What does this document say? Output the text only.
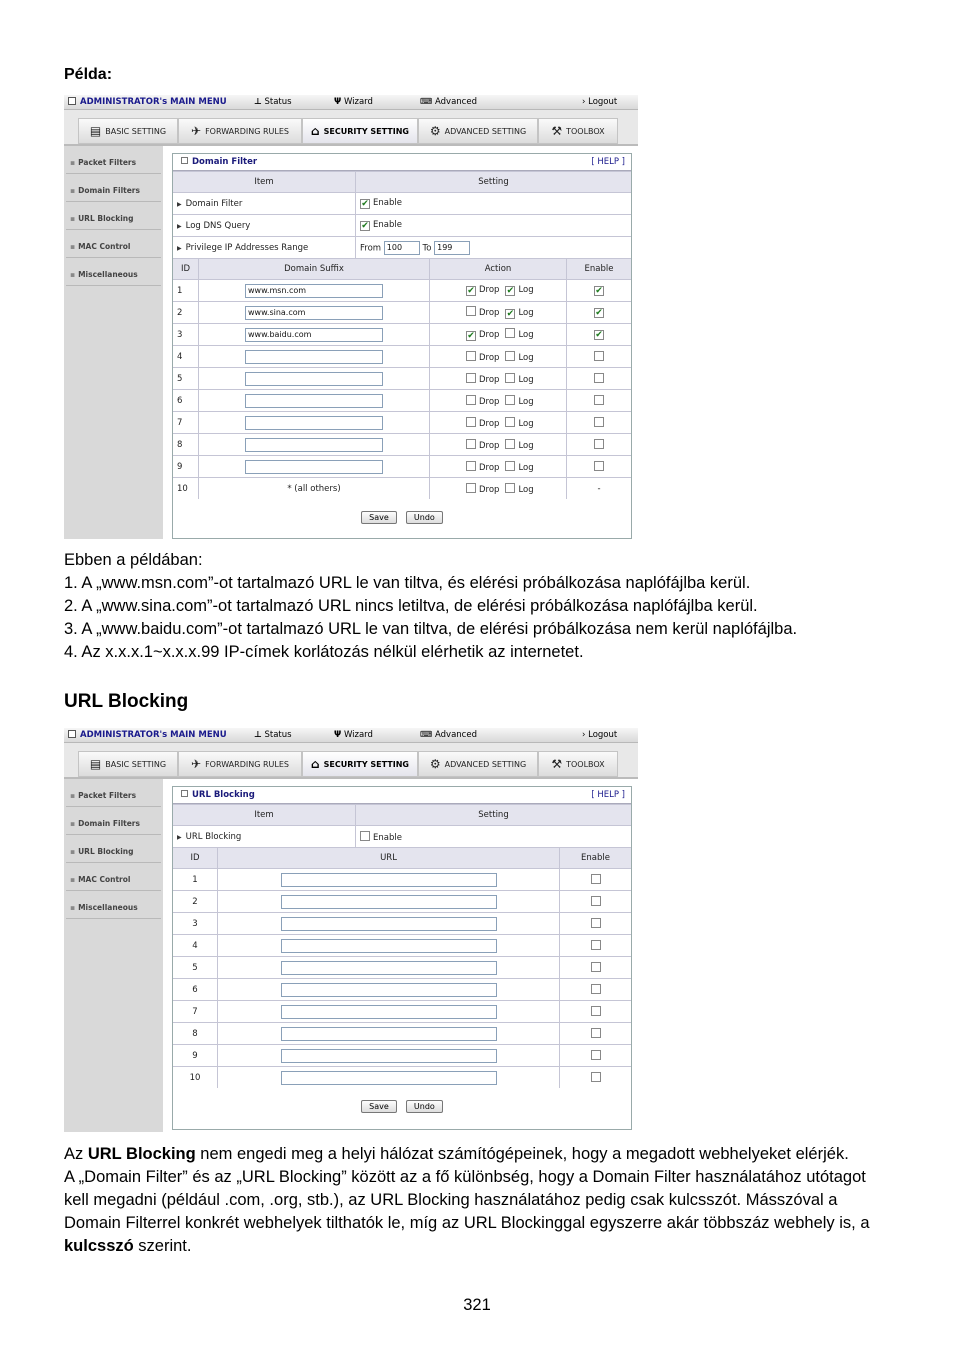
Példa:
ADMINISTRATOR's MAIN MENU	⊥ Status	Ψ Wizard	⌨ Advanced	› Logout
▤ BASIC SETTING	✈ FORWARDING RULES	⌂ SECURITY SETTING	⚙ ADVANCED SETTING	⚒ TOOLBOX
▪ Packet Filters
▪ Domain Filters
▪ URL Blocking
▪ MAC Control
▪ Miscellaneous
Domain Filter	[ HELP ]
Item	Setting
▶ Domain Filter	✔ Enable
▶ Log DNS Query	✔ Enable
▶ Privilege IP Addresses Range	From 100 To 199
ID	Domain Suffix	Action	Enable
1	www.msn.com	✔ Drop ✔ Log	✔
2	www.sina.com	Drop ✔ Log	✔
3	www.baidu.com	✔ Drop Log	✔
4		Drop Log	
5		Drop Log	
6		Drop Log	
7		Drop Log	
8		Drop Log	
9		Drop Log	
10	* (all others)	Drop Log	-
Save	Undo
Ebben a példában:
1. A „www.msn.com”-ot tartalmazó URL le van tiltva, és elérési próbálkozása naplófájlba kerül.
2. A „www.sina.com”-ot tartalmazó URL nincs letiltva, de elérési próbálkozása naplófájlba kerül.
3. A „www.baidu.com”-ot tartalmazó URL le van tiltva, de elérési próbálkozása nem kerül naplófájlba.
4. Az x.x.x.1~x.x.x.99 IP-címek korlátozás nélkül elérhetik az internetet.
URL Blocking
ADMINISTRATOR's MAIN MENU	⊥ Status	Ψ Wizard	⌨ Advanced	› Logout
▤ BASIC SETTING	✈ FORWARDING RULES	⌂ SECURITY SETTING	⚙ ADVANCED SETTING	⚒ TOOLBOX
▪ Packet Filters
▪ Domain Filters
▪ URL Blocking
▪ MAC Control
▪ Miscellaneous
URL Blocking	[ HELP ]
Item	Setting
▶ URL Blocking	Enable
ID	URL	Enable
1		
2		
3		
4		
5		
6		
7		
8		
9		
10		
Save	Undo
Az URL Blocking nem engedi meg a helyi hálózat számítógépeinek, hogy a megadott webhelyeket elérjék.
A „Domain Filter” és az „URL Blocking” között az a fő különbség, hogy a Domain Filter használatához utótagot kell megadni (például .com, .org, stb.), az URL Blocking használatához pedig csak kulcsszót. Másszóval a Domain Filterrel konkrét webhelyek tilthatók le, míg az URL Blockinggal egyszerre akár többszáz webhely is, a kulcsszó szerint.
321
